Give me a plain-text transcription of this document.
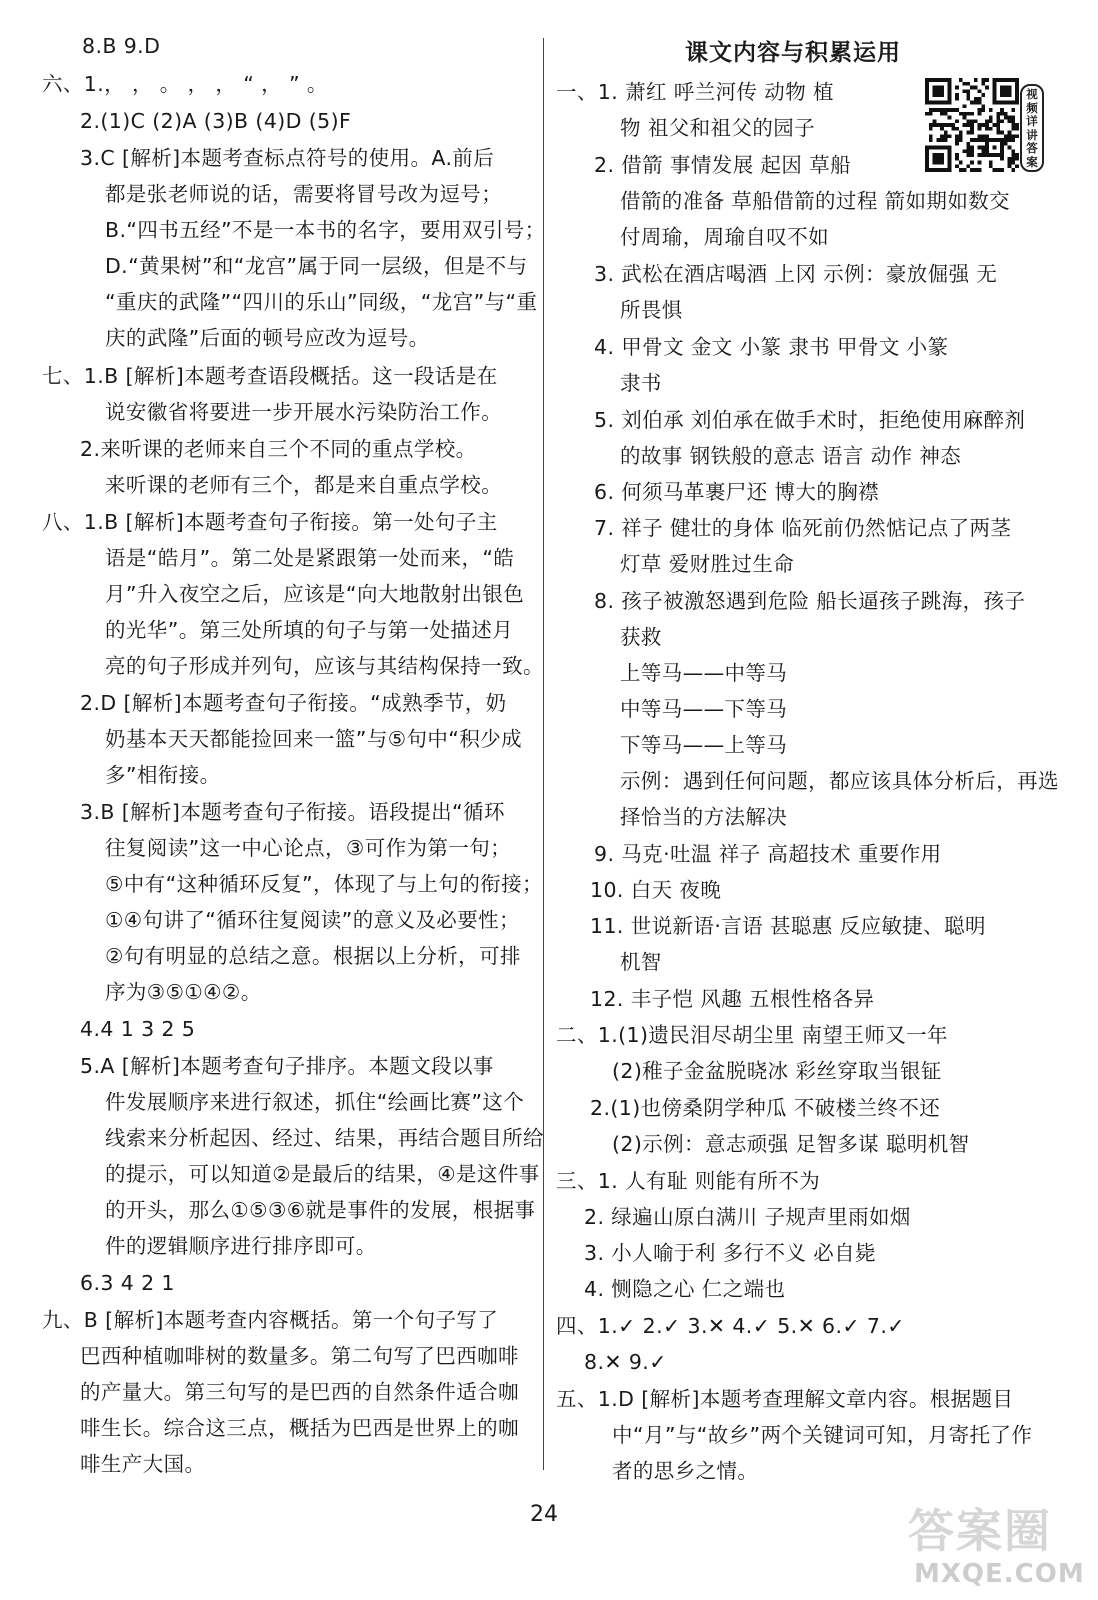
8.B 9.D
六、1.， ， 。 ， ， “ ， ” 。
2.(1)C (2)A (3)B (4)D (5)F
3.C [解析]本题考查标点符号的使用。A.前后
都是张老师说的话，需要将冒号改为逗号；
B.“四书五经”不是一本书的名字，要用双引号；
D.“黄果树”和“龙宫”属于同一层级，但是不与
“重庆的武隆”“四川的乐山”同级，“龙宫”与“重
庆的武隆”后面的顿号应改为逗号。
七、1.B [解析]本题考查语段概括。这一段话是在
说安徽省将要进一步开展水污染防治工作。
2.来听课的老师来自三个不同的重点学校。
来听课的老师有三个，都是来自重点学校。
八、1.B [解析]本题考查句子衔接。第一处句子主
语是“皓月”。第二处是紧跟第一处而来，“皓
月”升入夜空之后，应该是“向大地散射出银色
的光华”。第三处所填的句子与第一处描述月
亮的句子形成并列句，应该与其结构保持一致。
2.D [解析]本题考查句子衔接。“成熟季节，奶
奶基本天天都能捡回来一篮”与⑤句中“积少成
多”相衔接。
3.B [解析]本题考查句子衔接。语段提出“循环
往复阅读”这一中心论点，③可作为第一句；
⑤中有“这种循环反复”，体现了与上句的衔接；
①④句讲了“循环往复阅读”的意义及必要性；
②句有明显的总结之意。根据以上分析，可排
序为③⑤①④②。
4.4 1 3 2 5
5.A [解析]本题考查句子排序。本题文段以事
件发展顺序来进行叙述，抓住“绘画比赛”这个
线索来分析起因、经过、结果，再结合题目所给
的提示，可以知道②是最后的结果，④是这件事
的开头，那么①⑤③⑥就是事件的发展，根据事
件的逻辑顺序进行排序即可。
6.3 4 2 1
九、B [解析]本题考查内容概括。第一个句子写了
巴西种植咖啡树的数量多。第二句写了巴西咖啡
的产量大。第三句写的是巴西的自然条件适合咖
啡生长。综合这三点，概括为巴西是世界上的咖
啡生产大国。
课文内容与积累运用
视
频
详
讲
答
案
一、1. 萧红 呼兰河传 动物 植
物 祖父和祖父的园子
2. 借箭 事情发展 起因 草船
借箭的准备 草船借箭的过程 箭如期如数交
付周瑜，周瑜自叹不如
3. 武松在酒店喝酒 上冈 示例：豪放倔强 无
所畏惧
4. 甲骨文 金文 小篆 隶书 甲骨文 小篆
隶书
5. 刘伯承 刘伯承在做手术时，拒绝使用麻醉剂
的故事 钢铁般的意志 语言 动作 神态
6. 何须马革裹尸还 博大的胸襟
7. 祥子 健壮的身体 临死前仍然惦记点了两茎
灯草 爱财胜过生命
8. 孩子被激怒遇到危险 船长逼孩子跳海，孩子
获救
上等马——中等马
中等马——下等马
下等马——上等马
示例：遇到任何问题，都应该具体分析后，再选
择恰当的方法解决
9. 马克·吐温 祥子 高超技术 重要作用
10. 白天 夜晚
11. 世说新语·言语 甚聪惠 反应敏捷、聪明
机智
12. 丰子恺 风趣 五根性格各异
二、1.(1)遗民泪尽胡尘里 南望王师又一年
(2)稚子金盆脱晓冰 彩丝穿取当银钲
2.(1)也傍桑阴学种瓜 不破楼兰终不还
(2)示例：意志顽强 足智多谋 聪明机智
三、1. 人有耻 则能有所不为
2. 绿遍山原白满川 子规声里雨如烟
3. 小人喻于利 多行不义 必自毙
4. 恻隐之心 仁之端也
四、1.✓ 2.✓ 3.✕ 4.✓ 5.✕ 6.✓ 7.✓
8.✕ 9.✓
五、1.D [解析]本题考查理解文章内容。根据题目
中“月”与“故乡”两个关键词可知，月寄托了作
者的思乡之情。
24	答案圈
MXQE.COM
